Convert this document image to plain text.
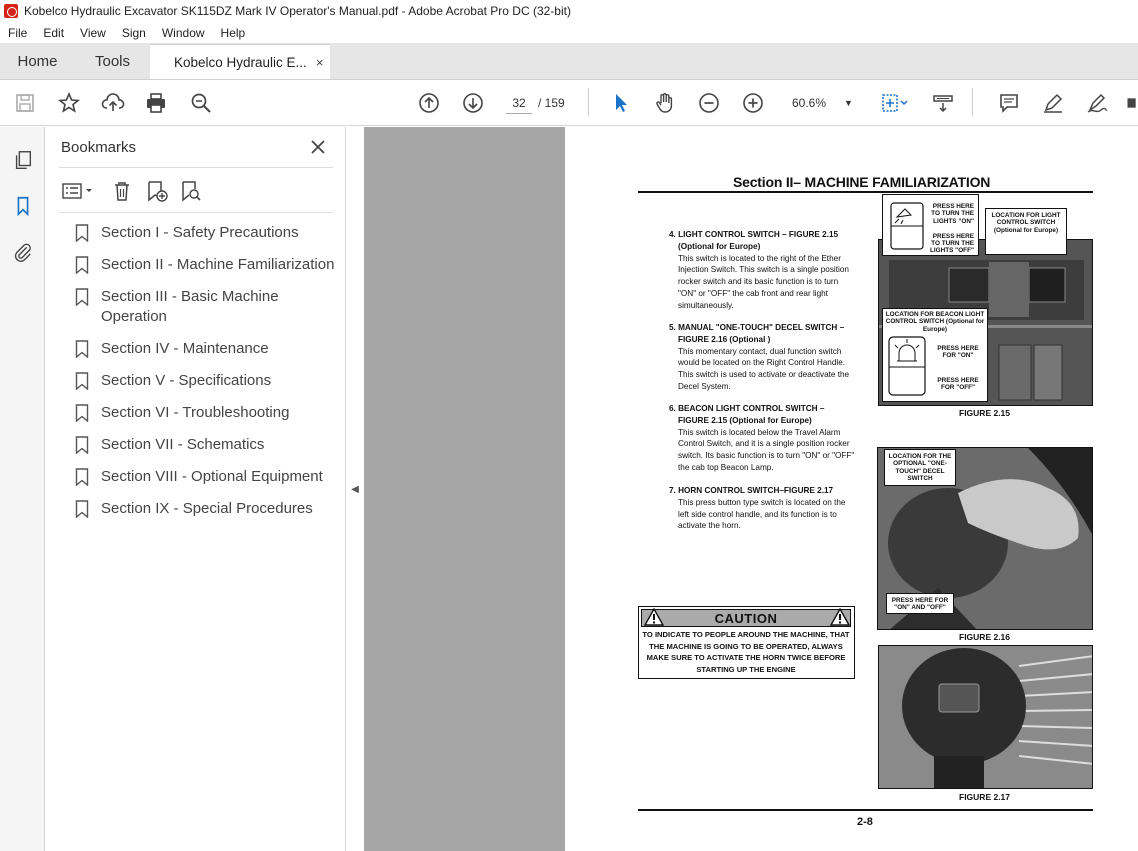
Kobelco Hydraulic Excavator SK115DZ Mark IV Operator's Manual.pdf - Adobe Acrobat Pro DC (32-bit)
File	Edit	View	Sign	Window	Help
Home	Tools	Kobelco Hydraulic E... ×
32
/ 159	60.6% ▼
Bookmarks
Section I - Safety Precautions
Section II - Machine Familiarization
Section III - Basic Machine Operation
Section IV - Maintenance
Section V - Specifications
Section VI - Troubleshooting
Section VII - Schematics
Section VIII - Optional Equipment
Section IX - Special Procedures
◀
Section II– MACHINE FAMILIARIZATION
4. LIGHT CONTROL SWITCH – FIGURE 2.15
(Optional for Europe)
This switch is located to the right of the Ether Injection Switch. This switch is a single position rocker switch and its basic function is to turn "ON" or "OFF" the cab front and rear light simultaneously.
5. MANUAL "ONE-TOUCH" DECEL SWITCH –
FIGURE 2.16 (Optional )
This momentary contact, dual function switch would be located on the Right Control Handle. This switch is used to activate or deactivate the Decel System.
6. BEACON LIGHT CONTROL SWITCH –
FIGURE 2.15 (Optional for Europe)
This switch is located below the Travel Alarm Control Switch, and it is a single position rocker switch. Its basic function is to turn "ON" or "OFF" the cab top Beacon Lamp.
7. HORN CONTROL SWITCH–FIGURE 2.17
This press button type switch is located on the left side control handle, and its function is to activate the horn.
PRESS HERE TO TURN THE LIGHTS "ON"

PRESS HERE TO TURN THE LIGHTS "OFF"
LOCATION FOR LIGHT CONTROL SWITCH (Optional for Europe)
LOCATION FOR BEACON LIGHT CONTROL SWITCH (Optional for Europe)
PRESS HERE FOR "ON"
PRESS HERE FOR "OFF"
FIGURE 2.15
LOCATION FOR THE OPTIONAL "ONE-TOUCH" DECEL SWITCH
PRESS HERE FOR "ON" AND "OFF"
FIGURE 2.16
FIGURE 2.17
CAUTION
TO INDICATE TO PEOPLE AROUND THE MACHINE, THAT THE MACHINE IS GOING TO BE OPERATED, ALWAYS MAKE SURE TO ACTIVATE THE HORN TWICE BEFORE STARTING UP THE ENGINE
2-8
